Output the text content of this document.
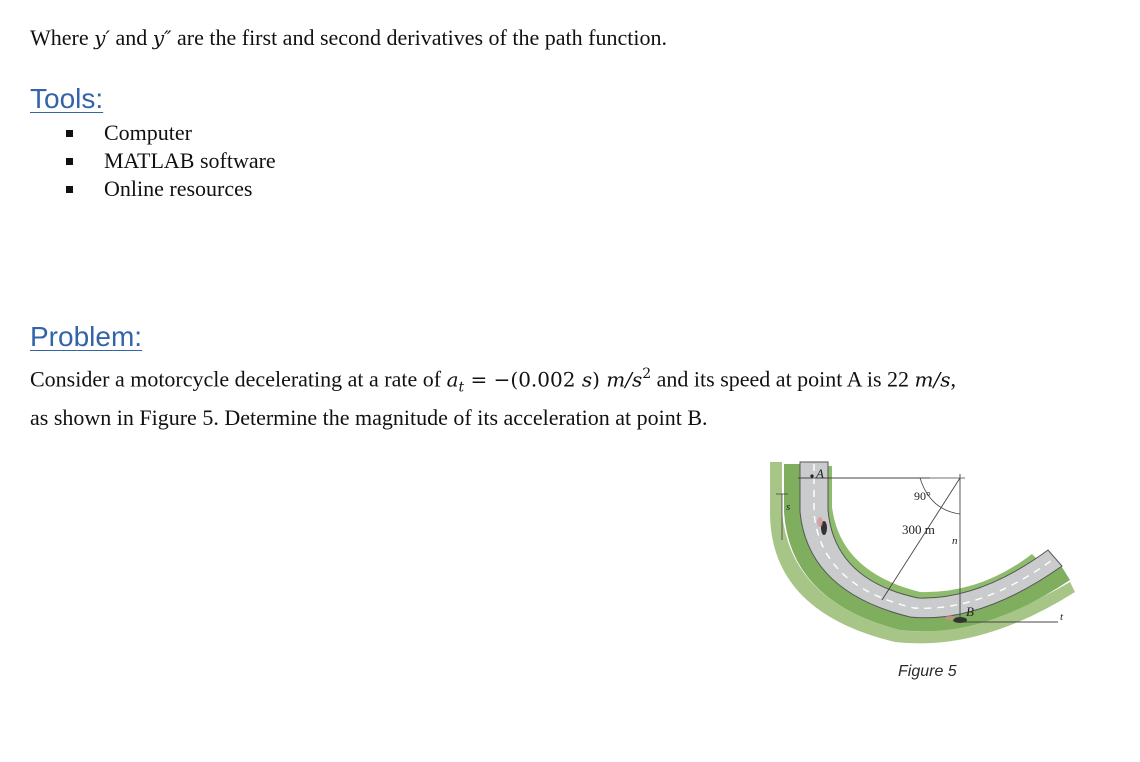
Where y′ and y″ are the first and second derivatives of the path function.
Tools:
Computer
MATLAB software
Online resources
Problem:
Consider a motorcycle decelerating at a rate of $a_t = -(0.002$ s) $m/s^2$ and its speed at point A is 22 m/s,
as shown in Figure 5. Determine the magnitude of its acceleration at point B.
A
B
s
t
n
90°
300 m
Figure 5
